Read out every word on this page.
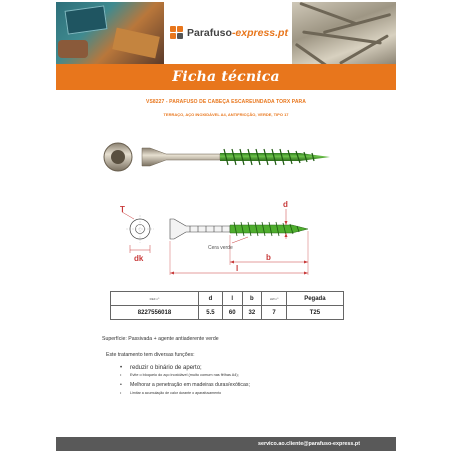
Parafuso-express.pt
Ficha técnica
VS8227 - PARAFUSO DE CABEÇA ESCAREUNDADA TORX PARA
TERRAÇO, AÇO INOXIDÁVEL A4, ANTIFRICÇÃO, VERDE, TIPO 17
T
dk
d
Cera verde
b
l
REF nº	d	l	b	HW nº	Pegada
8227556018	5.5	60	32	7	T25
Superfície: Passivada + agente antiaderente verde
Este tratamento tem diversas funções:
• reduzir o binário de aperto;
• Evite o bloqueio do aço inoxidável (muito comum nas fêlhas A4);
• Melhorar a penetração em madeiras duras/exóticas;
• Limitar a acumulação de calor durante o aparafusamento
servico.ao.cliente@parafuso-express.pt
